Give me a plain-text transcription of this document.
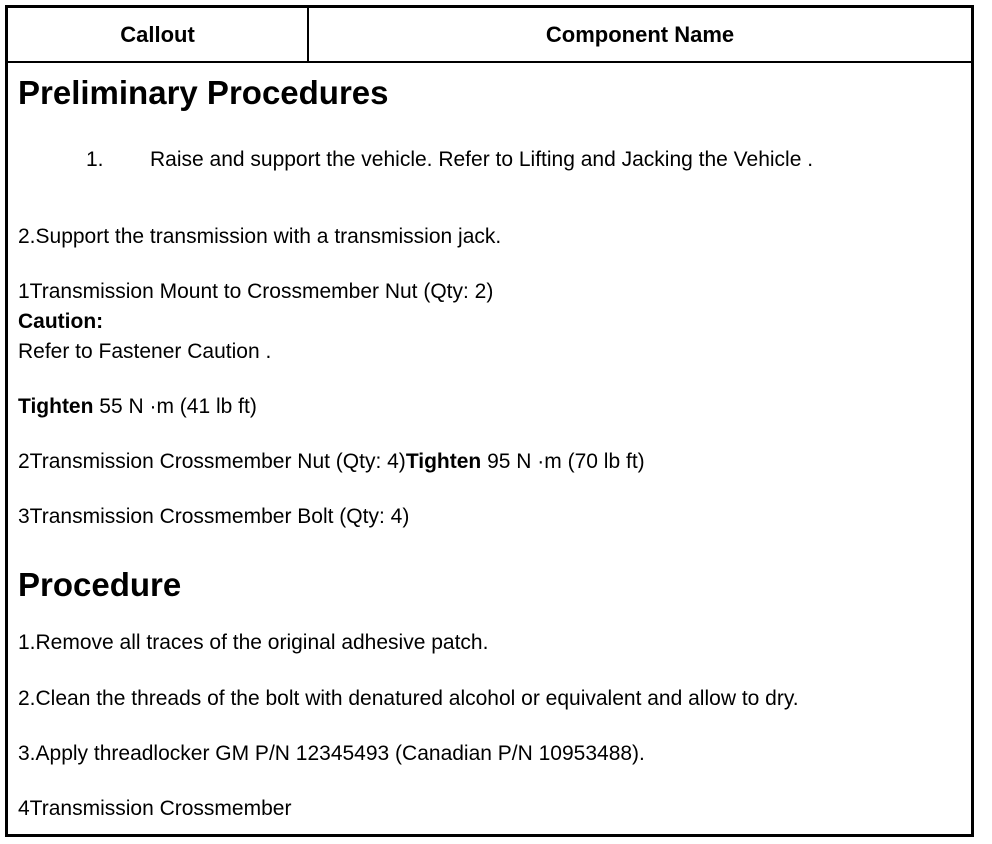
Callout	Component Name
Preliminary Procedures
1. Raise and support the vehicle. Refer to Lifting and Jacking the Vehicle .
2.Support the transmission with a transmission jack.
1Transmission Mount to Crossmember Nut (Qty: 2)
Caution:
Refer to Fastener Caution .
Tighten 55 N ·m (41 lb ft)
2Transmission Crossmember Nut (Qty: 4)Tighten 95 N ·m (70 lb ft)
3Transmission Crossmember Bolt (Qty: 4)
Procedure
1.Remove all traces of the original adhesive patch.
2.Clean the threads of the bolt with denatured alcohol or equivalent and allow to dry.
3.Apply threadlocker GM P/N 12345493 (Canadian P/N 10953488).
4Transmission Crossmember
